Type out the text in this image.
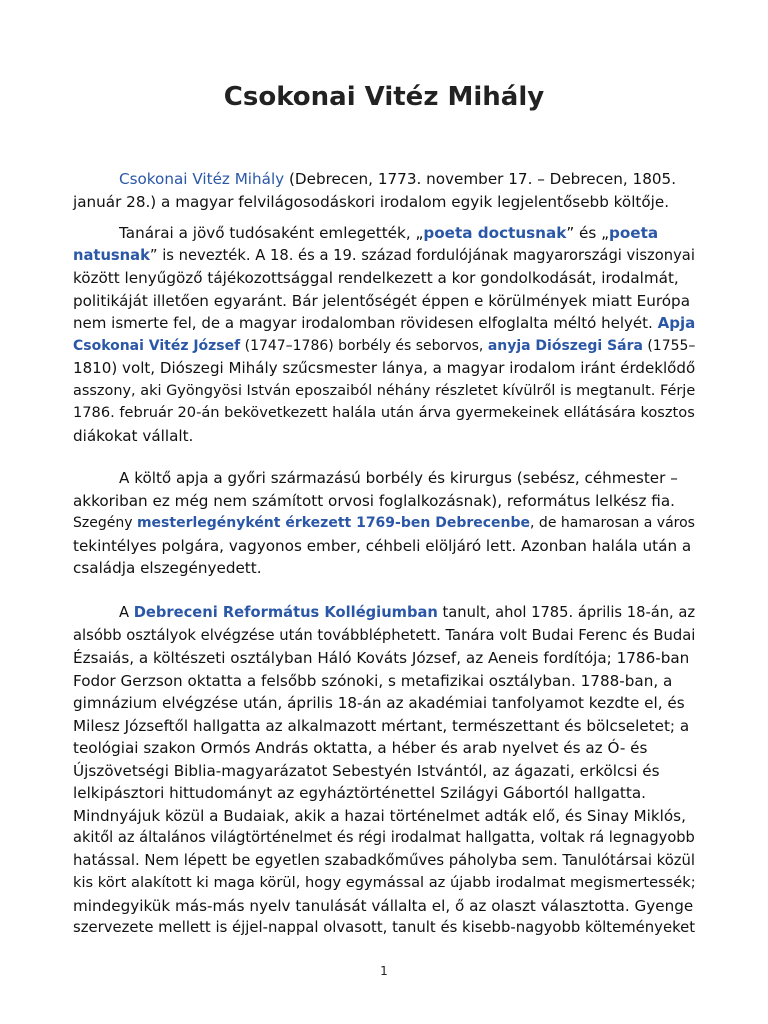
Csokonai Vitéz Mihály
Csokonai Vitéz Mihály (Debrecen, 1773. november 17. – Debrecen, 1805.
január 28.) a magyar felvilágosodáskori irodalom egyik legjelentősebb költője.
Tanárai a jövő tudósaként emlegették, „poeta doctusnak” és „poeta
natusnak” is nevezték. A 18. és a 19. század fordulójának magyarországi viszonyai
között lenyűgöző tájékozottsággal rendelkezett a kor gondolkodását, irodalmát,
politikáját illetően egyaránt. Bár jelentőségét éppen e körülmények miatt Európa
nem ismerte fel, de a magyar irodalomban rövidesen elfoglalta méltó helyét. Apja
Csokonai Vitéz József (1747–1786) borbély és seborvos, anyja Diószegi Sára (1755–
1810) volt, Diószegi Mihály szűcsmester lánya, a magyar irodalom iránt érdeklődő
asszony, aki Gyöngyösi István eposzaiból néhány részletet kívülről is megtanult. Férje
1786. február 20-án bekövetkezett halála után árva gyermekeinek ellátására kosztos
diákokat vállalt.
A költő apja a győri származású borbély és kirurgus (sebész, céhmester –
akkoriban ez még nem számított orvosi foglalkozásnak), református lelkész fia.
Szegény mesterlegényként érkezett 1769-ben Debrecenbe, de hamarosan a város
tekintélyes polgára, vagyonos ember, céhbeli elöljáró lett. Azonban halála után a
családja elszegényedett.
A Debreceni Református Kollégiumban tanult, ahol 1785. április 18-án, az
alsóbb osztályok elvégzése után továbbléphetett. Tanára volt Budai Ferenc és Budai
Ézsaiás, a költészeti osztályban Háló Kováts József, az Aeneis fordítója; 1786-ban
Fodor Gerzson oktatta a felsőbb szónoki, s metafizikai osztályban. 1788-ban, a
gimnázium elvégzése után, április 18-án az akadémiai tanfolyamot kezdte el, és
Milesz Józseftől hallgatta az alkalmazott mértant, természettant és bölcseletet; a
teológiai szakon Ormós András oktatta, a héber és arab nyelvet és az Ó- és
Újszövetségi Biblia-magyarázatot Sebestyén Istvántól, az ágazati, erkölcsi és
lelkipásztori hittudományt az egyháztörténettel Szilágyi Gábortól hallgatta.
Mindnyájuk közül a Budaiak, akik a hazai történelmet adták elő, és Sinay Miklós,
akitől az általános világtörténelmet és régi irodalmat hallgatta, voltak rá legnagyobb
hatással. Nem lépett be egyetlen szabadkőműves páholyba sem. Tanulótársai közül
kis kört alakított ki maga körül, hogy egymással az újabb irodalmat megismertessék;
mindegyikük más-más nyelv tanulását vállalta el, ő az olaszt választotta. Gyenge
szervezete mellett is éjjel-nappal olvasott, tanult és kisebb-nagyobb költeményeket
1
